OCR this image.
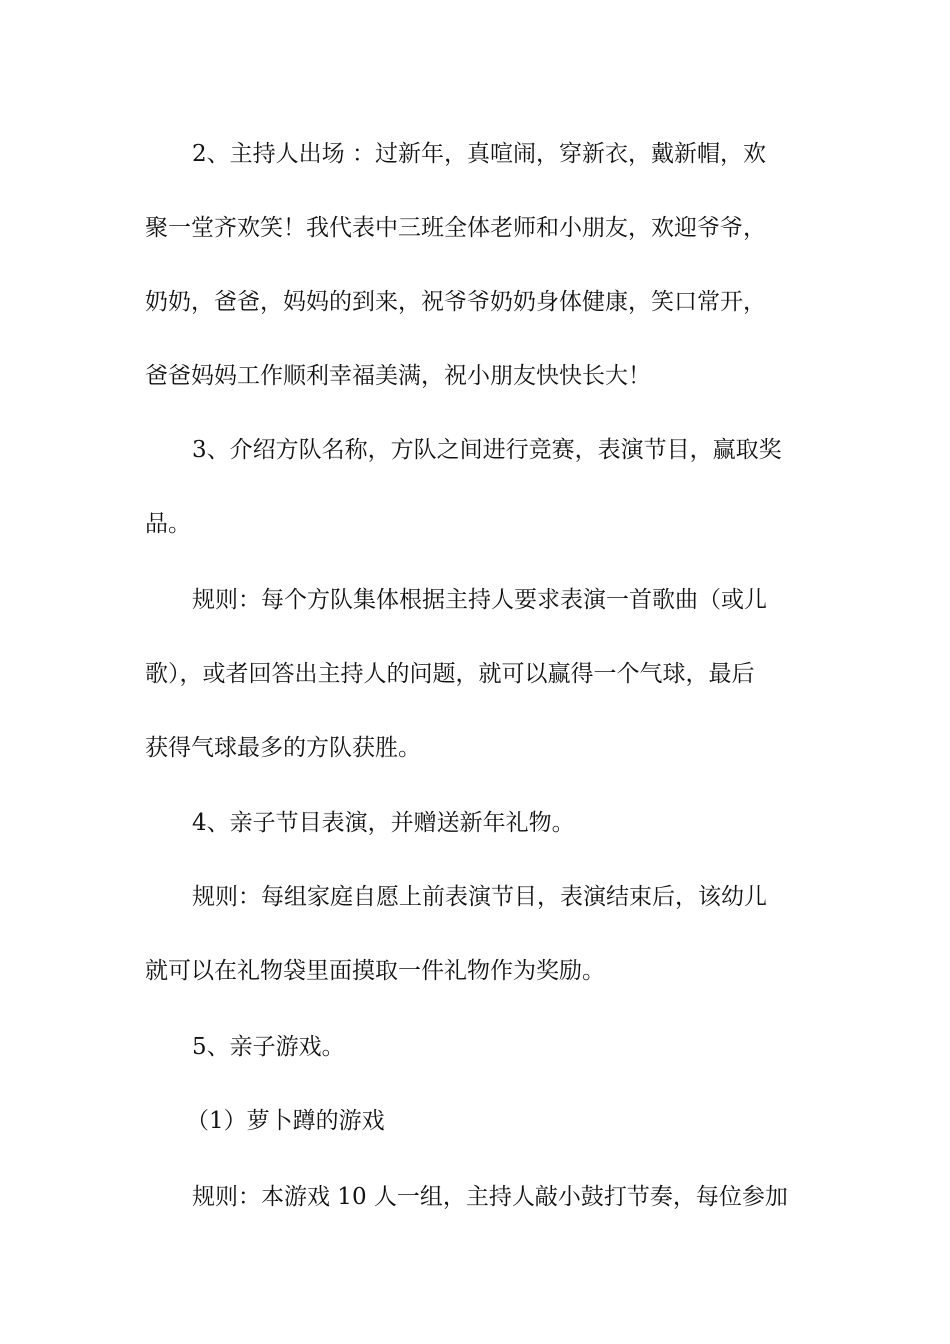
2、主持人出场 ：过新年，真喧闹，穿新衣，戴新帽，欢

聚一堂齐欢笑！我代表中三班全体老师和小朋友，欢迎爷爷，

奶奶，爸爸，妈妈的到来，祝爷爷奶奶身体健康，笑口常开，

爸爸妈妈工作顺利幸福美满，祝小朋友快快长大！

3、介绍方队名称，方队之间进行竞赛，表演节目，赢取奖

品。

规则：每个方队集体根据主持人要求表演一首歌曲（或儿

歌），或者回答出主持人的问题，就可以赢得一个气球，最后

获得气球最多的方队获胜。

4、亲子节目表演，并赠送新年礼物。

规则：每组家庭自愿上前表演节目，表演结束后，该幼儿

就可以在礼物袋里面摸取一件礼物作为奖励。

5、亲子游戏。

（1）萝卜蹲的游戏

规则：本游戏 10 人一组，主持人敲小鼓打节奏，每位参加
